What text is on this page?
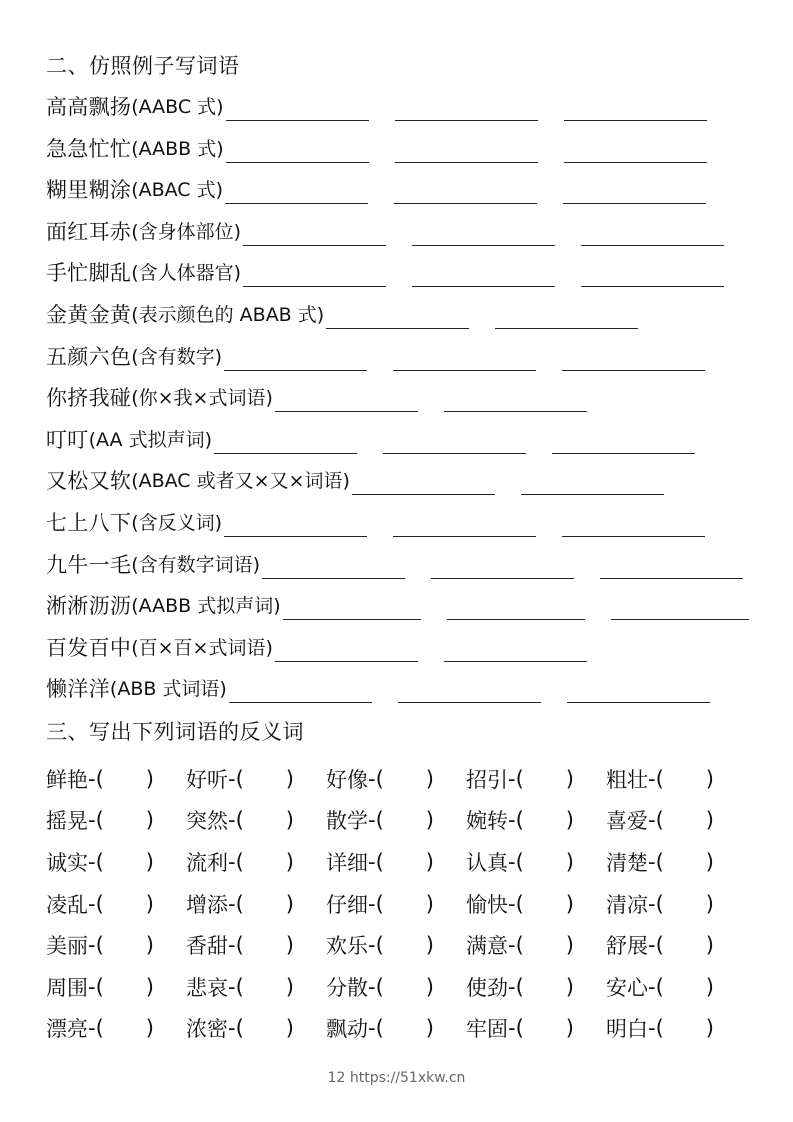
二、仿照例子写词语
高高飘扬 (AABC 式)
急急忙忙 (AABB 式)
糊里糊涂 (ABAC 式)
面红耳赤 (含身体部位)
手忙脚乱 (含人体器官)
金黄金黄 (表示颜色的 ABAB 式)
五颜六色 (含有数字)
你挤我碰 (你×我×式词语)
叮叮 (AA 式拟声词)
又松又软 (ABAC 或者又×又×词语)
七上八下 (含反义词)
九牛一毛 (含有数字词语)
淅淅沥沥 (AABB 式拟声词)
百发百中 (百×百×式词语)
懒洋洋 (ABB 式词语)
三、写出下列词语的反义词
鲜艳 - ( ) 好听 - ( ) 好像 - ( ) 招引 - ( ) 粗壮 - ( )
摇晃 - ( ) 突然 - ( ) 散学 - ( ) 婉转 - ( ) 喜爱 - ( )
诚实 - ( ) 流利 - ( ) 详细 - ( ) 认真 - ( ) 清楚 - ( )
凌乱 - ( ) 增添 - ( ) 仔细 - ( ) 愉快 - ( ) 清凉 - ( )
美丽 - ( ) 香甜 - ( ) 欢乐 - ( ) 满意 - ( ) 舒展 - ( )
周围 - ( ) 悲哀 - ( ) 分散 - ( ) 使劲 - ( ) 安心 - ( )
漂亮 - ( ) 浓密 - ( ) 飘动 - ( ) 牢固 - ( ) 明白 - ( )
12 https://51xkw.cn
